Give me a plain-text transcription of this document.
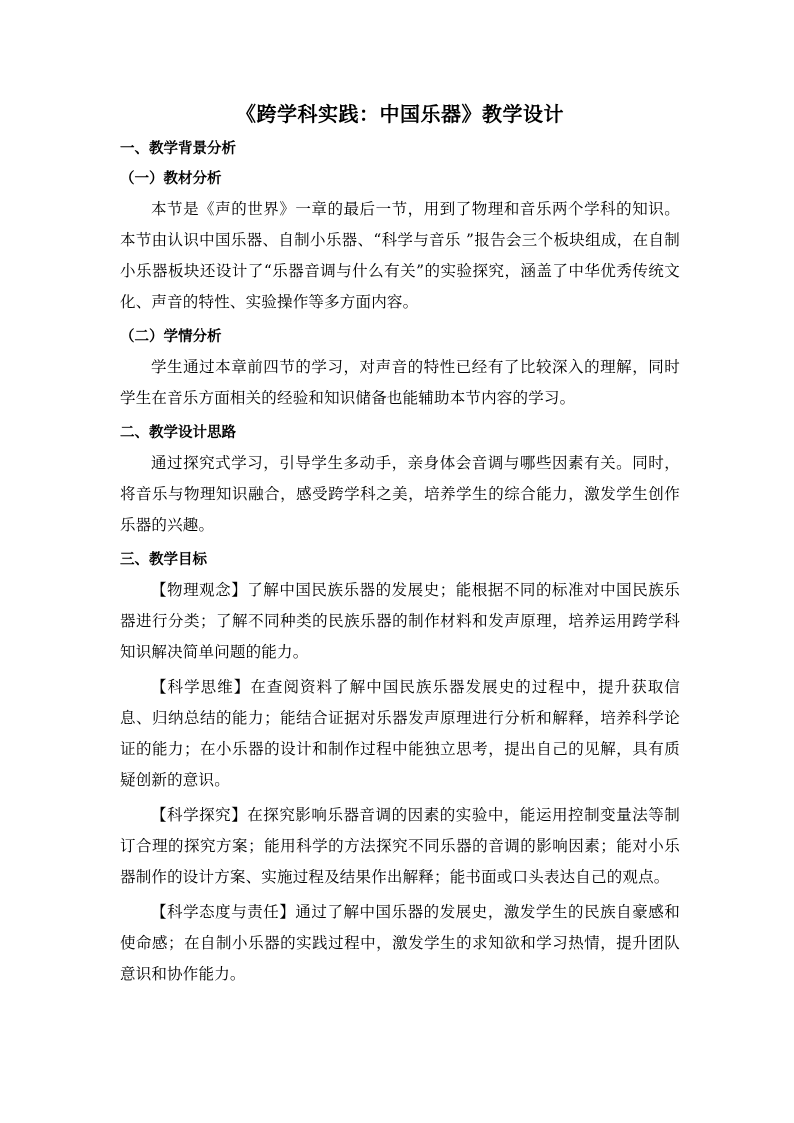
《跨学科实践：中国乐器》教学设计
一、教学背景分析
（一）教材分析

本节是《声的世界》一章的最后一节，用到了物理和音乐两个学科的知识。本节由认识中国乐器、自制小乐器、“科学与音乐 ”报告会三个板块组成，在自制小乐器板块还设计了“乐器音调与什么有关”的实验探究，涵盖了中华优秀传统文化、声音的特性、实验操作等多方面内容。

（二）学情分析

学生通过本章前四节的学习，对声音的特性已经有了比较深入的理解，同时学生在音乐方面相关的经验和知识储备也能辅助本节内容的学习。

二、教学设计思路

通过探究式学习，引导学生多动手，亲身体会音调与哪些因素有关。同时，将音乐与物理知识融合，感受跨学科之美，培养学生的综合能力，激发学生创作乐器的兴趣。

三、教学目标

【物理观念】了解中国民族乐器的发展史；能根据不同的标准对中国民族乐器进行分类；了解不同种类的民族乐器的制作材料和发声原理，培养运用跨学科知识解决简单问题的能力。

【科学思维】在查阅资料了解中国民族乐器发展史的过程中，提升获取信息、归纳总结的能力；能结合证据对乐器发声原理进行分析和解释，培养科学论证的能力；在小乐器的设计和制作过程中能独立思考，提出自己的见解，具有质疑创新的意识。

【科学探究】在探究影响乐器音调的因素的实验中，能运用控制变量法等制订合理的探究方案；能用科学的方法探究不同乐器的音调的影响因素；能对小乐器制作的设计方案、实施过程及结果作出解释；能书面或口头表达自己的观点。

【科学态度与责任】通过了解中国乐器的发展史，激发学生的民族自豪感和使命感；在自制小乐器的实践过程中，激发学生的求知欲和学习热情，提升团队意识和协作能力。
